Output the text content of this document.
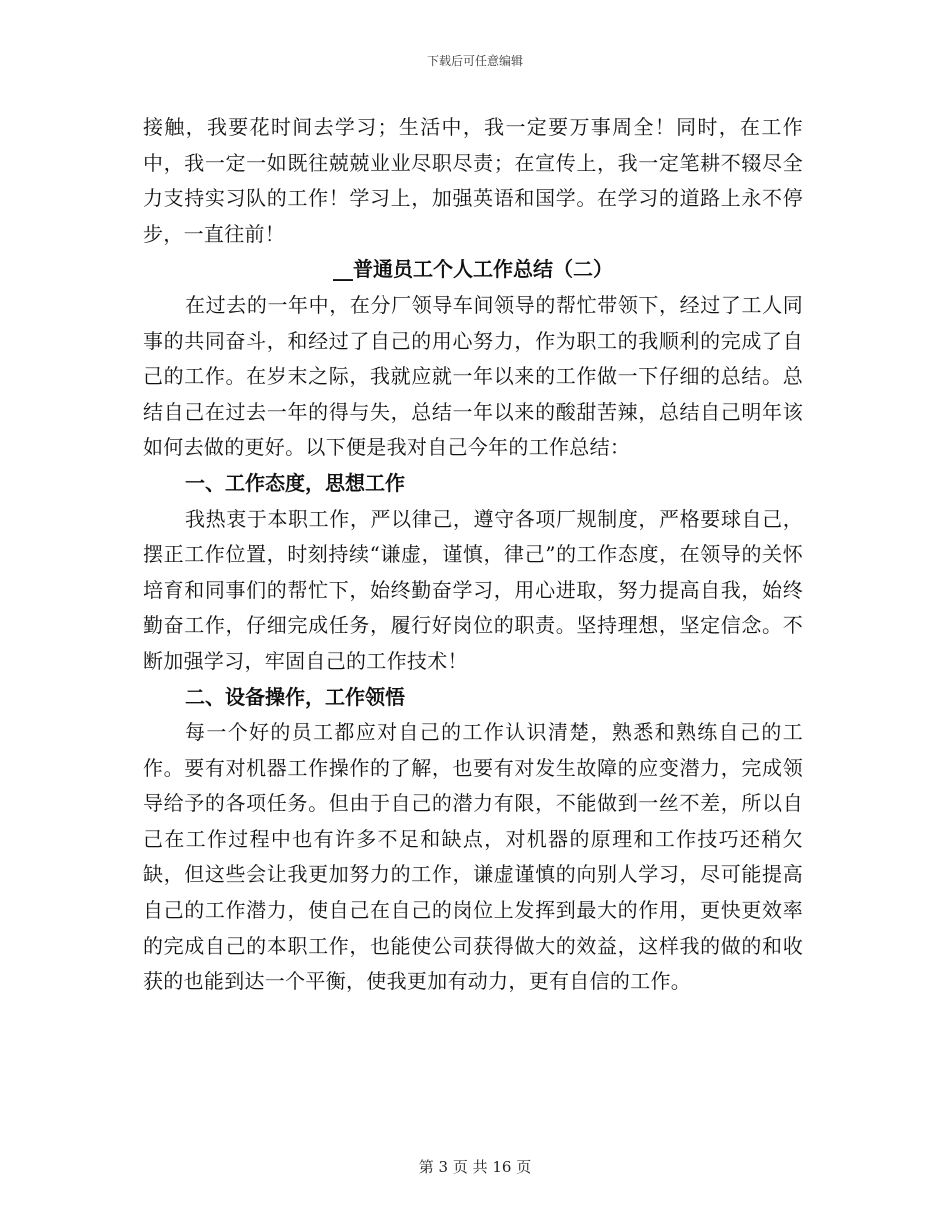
下载后可任意编辑

接触，我要花时间去学习；生活中，我一定要万事周全！同时，在工作中，我一定一如既往兢兢业业尽职尽责；在宣传上，我一定笔耕不辍尽全力支持实习队的工作！学习上，加强英语和国学。在学习的道路上永不停步，一直往前！

__普通员工个人工作总结（二）

在过去的一年中，在分厂领导车间领导的帮忙带领下，经过了工人同事的共同奋斗，和经过了自己的用心努力，作为职工的我顺利的完成了自己的工作。在岁末之际，我就应就一年以来的工作做一下仔细的总结。总结自己在过去一年的得与失，总结一年以来的酸甜苦辣，总结自己明年该如何去做的更好。以下便是我对自己今年的工作总结：

一、工作态度，思想工作

我热衷于本职工作，严以律己，遵守各项厂规制度，严格要球自己，摆正工作位置，时刻持续“谦虚，谨慎，律己”的工作态度，在领导的关怀培育和同事们的帮忙下，始终勤奋学习，用心进取，努力提高自我，始终勤奋工作，仔细完成任务，履行好岗位的职责。坚持理想，坚定信念。不断加强学习，牢固自己的工作技术！

二、设备操作，工作领悟

每一个好的员工都应对自己的工作认识清楚，熟悉和熟练自己的工作。要有对机器工作操作的了解，也要有对发生故障的应变潜力，完成领导给予的各项任务。但由于自己的潜力有限，不能做到一丝不差，所以自己在工作过程中也有许多不足和缺点，对机器的原理和工作技巧还稍欠缺，但这些会让我更加努力的工作，谦虚谨慎的向别人学习，尽可能提高自己的工作潜力，使自己在自己的岗位上发挥到最大的作用，更快更效率的完成自己的本职工作，也能使公司获得做大的效益，这样我的做的和收获的也能到达一个平衡，使我更加有动力，更有自信的工作。

第 3 页 共 16 页
